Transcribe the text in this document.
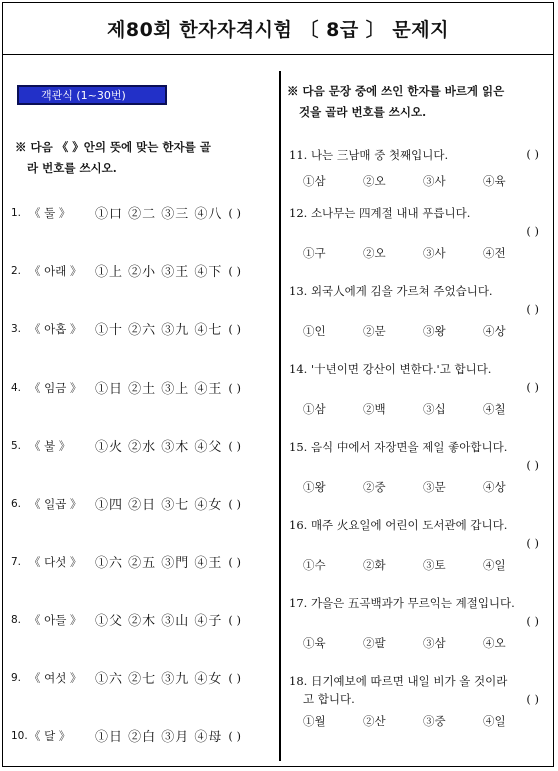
제80회 한자자격시험 〔 8급 〕 문제지
객관식 (1~30번)
※ 다음 《 》안의 뜻에 맞는 한자를 골
라 번호를 쓰시오.
1. 《 둘 》	①口 ②二 ③三 ④八 ( )
2. 《 아래 》	①上 ②小 ③王 ④下 ( )
3. 《 아홉 》	①十 ②六 ③九 ④七 ( )
4. 《 임금 》	①日 ②土 ③上 ④王 ( )
5. 《 불 》	①火 ②水 ③木 ④父 ( )
6. 《 일곱 》	①四 ②日 ③七 ④女 ( )
7. 《 다섯 》	①六 ②五 ③門 ④王 ( )
8. 《 아들 》	①父 ②木 ③山 ④子 ( )
9. 《 여섯 》	①六 ②七 ③九 ④女 ( )
10. 《 달 》	①日 ②白 ③月 ④母 ( )
※ 다음 문장 중에 쓰인 한자를 바르게 읽은
것을 골라 번호를 쓰시오.
11. 나는 三남매 중 첫째입니다.	( )
①삼	②오	③사	④육
12. 소나무는 四계절 내내 푸릅니다.
( )
①구	②오	③사	④전
13. 외국人에게 김을 가르쳐 주었습니다.
( )
①인	②문	③왕	④상
14. '十년이면 강산이 변한다.'고 합니다.
( )
①삼	②백	③십	④칠
15. 음식 中에서 자장면을 제일 좋아합니다.
( )
①왕	②중	③문	④상
16. 매주 火요일에 어린이 도서관에 갑니다.
( )
①수	②화	③토	④일
17. 가을은 五곡백과가 무르익는 계절입니다.
( )
①육	②팔	③삼	④오
18. 日기예보에 따르면 내일 비가 올 것이라
고 합니다.	( )
①월	②산	③중	④일
